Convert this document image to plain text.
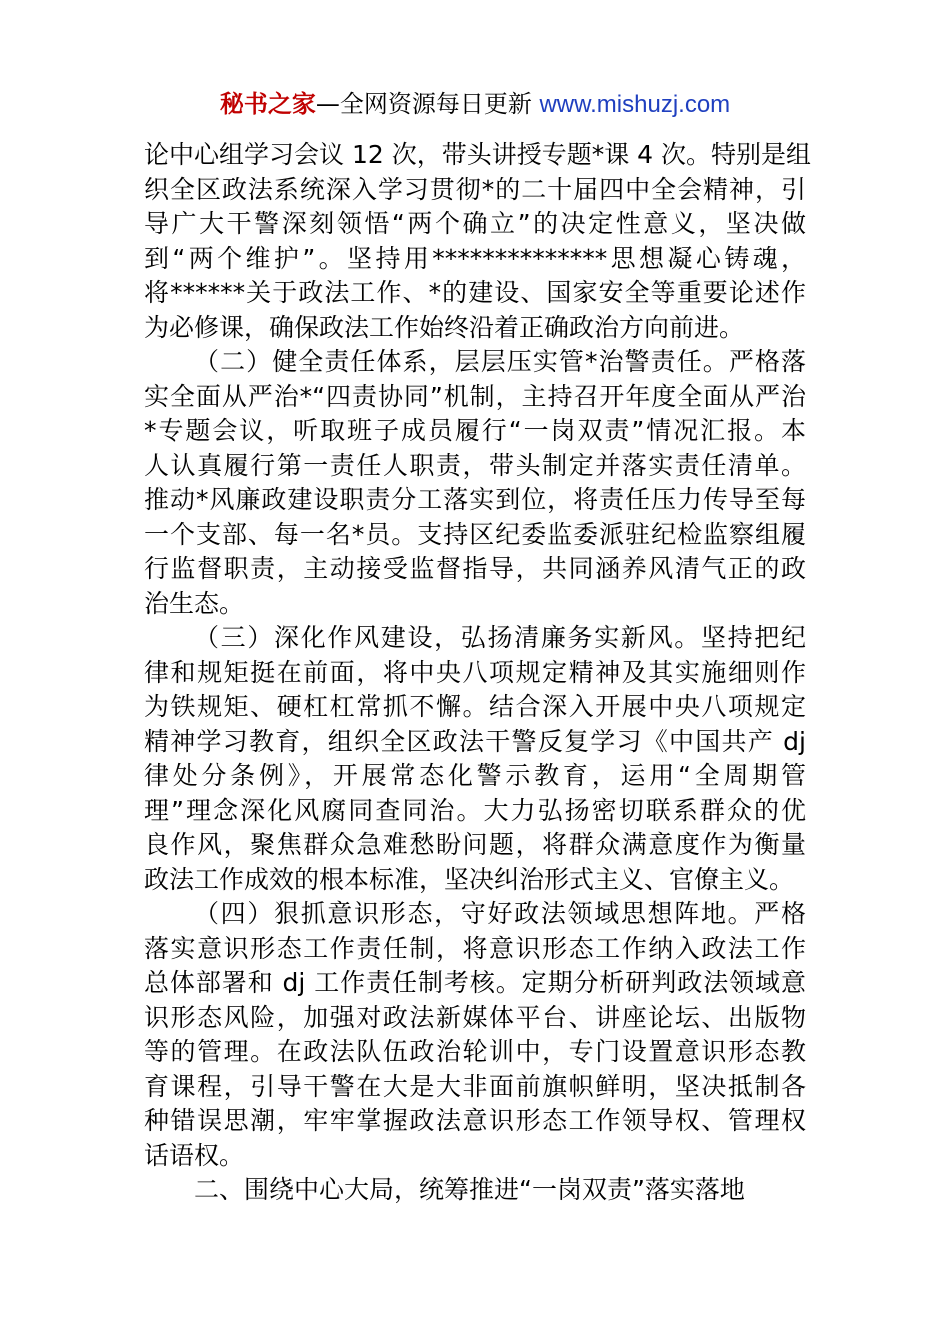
秘书之家—全网资源每日更新 www.mishuzj.com
论中心组学习会议 12 次，带头讲授专题*课 4 次。特别是组
织全区政法系统深入学习贯彻*的二十届四中全会精神，引
导广大干警深刻领悟“两个确立”的决定性意义，坚决做
到“两个维护”。坚持用**************思想凝心铸魂，
将******关于政法工作、*的建设、国家安全等重要论述作
为必修课，确保政法工作始终沿着正确政治方向前进。
（二）健全责任体系，层层压实管*治警责任。严格落
实全面从严治*“四责协同”机制，主持召开年度全面从严治
*专题会议，听取班子成员履行“一岗双责”情况汇报。本
人认真履行第一责任人职责，带头制定并落实责任清单。
推动*风廉政建设职责分工落实到位，将责任压力传导至每
一个支部、每一名*员。支持区纪委监委派驻纪检监察组履
行监督职责，主动接受监督指导，共同涵养风清气正的政
治生态。
（三）深化作风建设，弘扬清廉务实新风。坚持把纪
律和规矩挺在前面，将中央八项规定精神及其实施细则作
为铁规矩、硬杠杠常抓不懈。结合深入开展中央八项规定
精神学习教育，组织全区政法干警反复学习《中国共产 dj
律处分条例》，开展常态化警示教育，运用“全周期管
理”理念深化风腐同查同治。大力弘扬密切联系群众的优
良作风，聚焦群众急难愁盼问题，将群众满意度作为衡量
政法工作成效的根本标准，坚决纠治形式主义、官僚主义。
（四）狠抓意识形态，守好政法领域思想阵地。严格
落实意识形态工作责任制，将意识形态工作纳入政法工作
总体部署和 dj 工作责任制考核。定期分析研判政法领域意
识形态风险，加强对政法新媒体平台、讲座论坛、出版物
等的管理。在政法队伍政治轮训中，专门设置意识形态教
育课程，引导干警在大是大非面前旗帜鲜明，坚决抵制各
种错误思潮，牢牢掌握政法意识形态工作领导权、管理权
话语权。
二、围绕中心大局，统筹推进“一岗双责”落实落地
